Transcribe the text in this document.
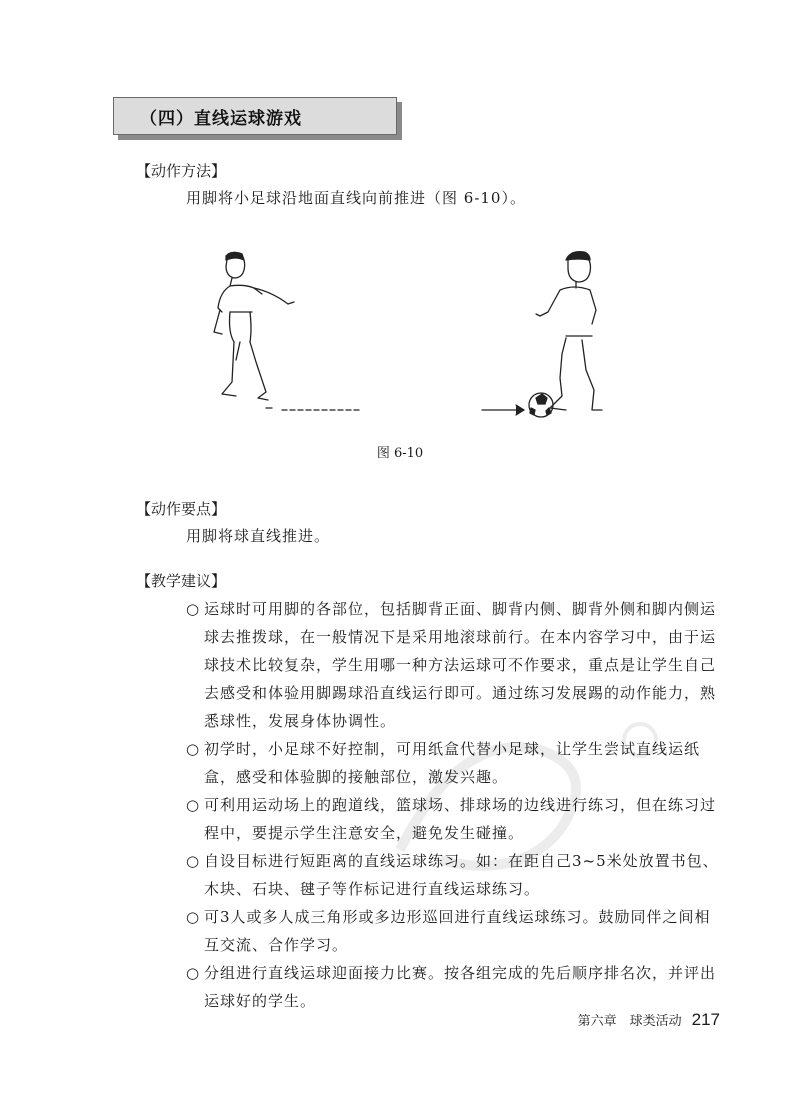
（四）直线运球游戏
【动作方法】
用脚将小足球沿地面直线向前推进（图 6-10）。
图 6-10
【动作要点】
用脚将球直线推进。
【教学建议】
○ 运球时可用脚的各部位，包括脚背正面、脚背内侧、脚背外侧和脚内侧运球去推拨球，在一般情况下是采用地滚球前行。在本内容学习中，由于运球技术比较复杂，学生用哪一种方法运球可不作要求，重点是让学生自己去感受和体验用脚踢球沿直线运行即可。通过练习发展踢的动作能力，熟悉球性，发展身体协调性。
○ 初学时，小足球不好控制，可用纸盒代替小足球，让学生尝试直线运纸盒，感受和体验脚的接触部位，激发兴趣。
○ 可利用运动场上的跑道线，篮球场、排球场的边线进行练习，但在练习过程中，要提示学生注意安全，避免发生碰撞。
○ 自设目标进行短距离的直线运球练习。如：在距自己3~5米处放置书包、木块、石块、毽子等作标记进行直线运球练习。
○ 可3人或多人成三角形或多边形巡回进行直线运球练习。鼓励同伴之间相互交流、合作学习。
○ 分组进行直线运球迎面接力比赛。按各组完成的先后顺序排名次，并评出运球好的学生。
第六章　球类活动 217
